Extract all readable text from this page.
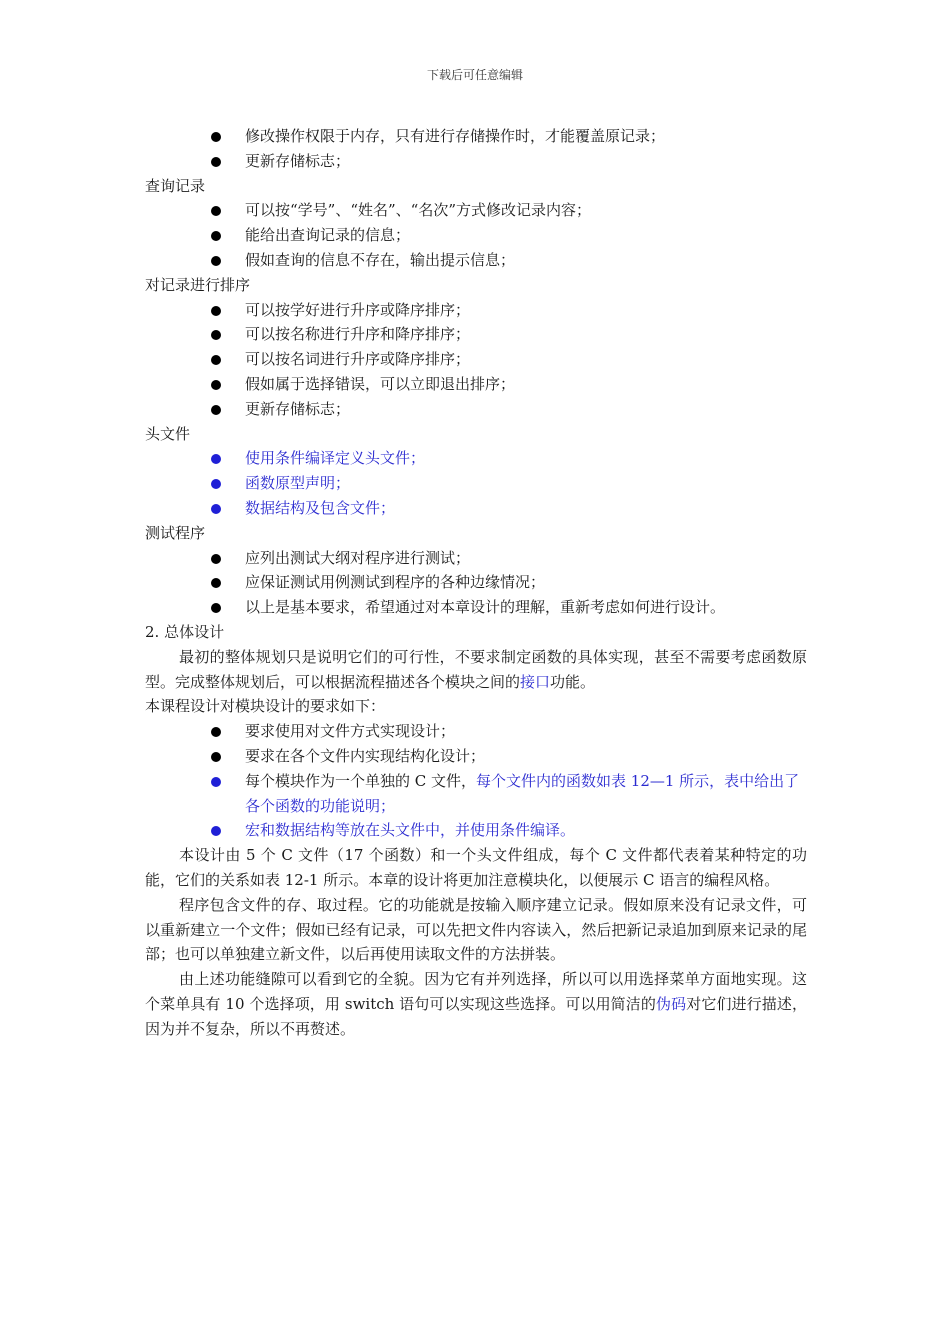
下载后可任意编辑
修改操作权限于内存，只有进行存储操作时，才能覆盖原记录；
更新存储标志；
查询记录
可以按“学号”、“姓名”、“名次”方式修改记录内容；
能给出查询记录的信息；
假如查询的信息不存在，输出提示信息；
对记录进行排序
可以按学好进行升序或降序排序；
可以按名称进行升序和降序排序；
可以按名词进行升序或降序排序；
假如属于选择错误，可以立即退出排序；
更新存储标志；
头文件
使用条件编译定义头文件；
函数原型声明；
数据结构及包含文件；
测试程序
应列出测试大纲对程序进行测试；
应保证测试用例测试到程序的各种边缘情况；
以上是基本要求，希望通过对本章设计的理解，重新考虑如何进行设计。
2. 总体设计
最初的整体规划只是说明它们的可行性，不要求制定函数的具体实现，甚至不需要考虑函数原型。完成整体规划后，可以根据流程描述各个模块之间的接口功能。
本课程设计对模块设计的要求如下：
要求使用对文件方式实现设计；
要求在各个文件内实现结构化设计；
每个模块作为一个单独的 C 文件，每个文件内的函数如表 12—1 所示，表中给出了各个函数的功能说明；
宏和数据结构等放在头文件中，并使用条件编译。
本设计由 5 个 C 文件（17 个函数）和一个头文件组成，每个 C 文件都代表着某种特定的功能，它们的关系如表 12-1 所示。本章的设计将更加注意模块化，以便展示 C 语言的编程风格。
程序包含文件的存、取过程。它的功能就是按输入顺序建立记录。假如原来没有记录文件，可以重新建立一个文件；假如已经有记录，可以先把文件内容读入，然后把新记录追加到原来记录的尾部；也可以单独建立新文件，以后再使用读取文件的方法拼装。
由上述功能缝隙可以看到它的全貌。因为它有并列选择，所以可以用选择菜单方面地实现。这个菜单具有 10 个选择项，用 switch 语句可以实现这些选择。可以用简洁的伪码对它们进行描述，因为并不复杂，所以不再赘述。
